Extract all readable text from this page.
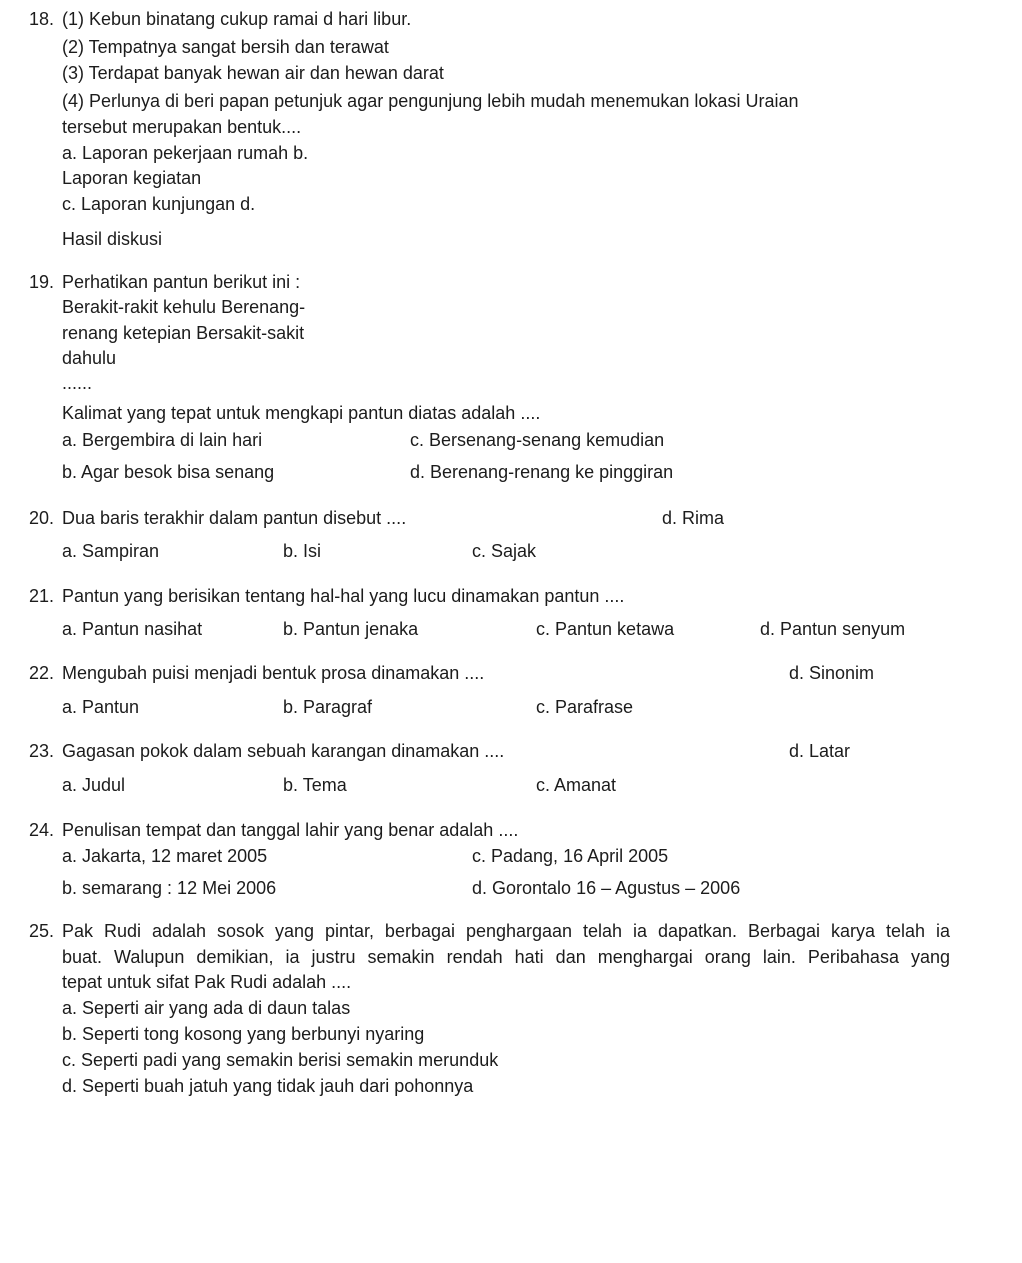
18. (1) Kebun binatang cukup ramai d hari libur.
(2) Tempatnya sangat bersih dan terawat
(3) Terdapat banyak hewan air dan hewan darat
(4) Perlunya di beri papan petunjuk agar pengunjung lebih mudah menemukan lokasi Uraian
tersebut merupakan bentuk....
a. Laporan pekerjaan rumah b.
Laporan kegiatan
c. Laporan kunjungan d.
Hasil diskusi
19. Perhatikan pantun berikut ini :
Berakit-rakit kehulu Berenang-
renang ketepian Bersakit-sakit
dahulu
......
Kalimat yang tepat untuk mengkapi pantun diatas adalah ....
a. Bergembira di lain hari	c. Bersenang-senang kemudian
b. Agar besok bisa senang	d. Berenang-renang ke pinggiran
20. Dua baris terakhir dalam pantun disebut ....	d. Rima
a. Sampiran	b. Isi	c. Sajak
21. Pantun yang berisikan tentang hal-hal yang lucu dinamakan pantun ....
a. Pantun nasihat	b. Pantun jenaka	c. Pantun ketawa	d. Pantun senyum
22. Mengubah puisi menjadi bentuk prosa dinamakan ....	d. Sinonim
a. Pantun	b. Paragraf	c. Parafrase
23. Gagasan pokok dalam sebuah karangan dinamakan ....	d. Latar
a. Judul	b. Tema	c. Amanat
24. Penulisan tempat dan tanggal lahir yang benar adalah ....
a. Jakarta, 12 maret 2005	c. Padang, 16 April 2005
b. semarang : 12 Mei 2006	d. Gorontalo 16 – Agustus – 2006
25. Pak Rudi adalah sosok yang pintar, berbagai penghargaan telah ia dapatkan. Berbagai karya telah ia
buat. Walupun demikian, ia justru semakin rendah hati dan menghargai orang lain. Peribahasa yang
tepat untuk sifat Pak Rudi adalah ....
a. Seperti air yang ada di daun talas
b. Seperti tong kosong yang berbunyi nyaring
c. Seperti padi yang semakin berisi semakin merunduk
d. Seperti buah jatuh yang tidak jauh dari pohonnya
